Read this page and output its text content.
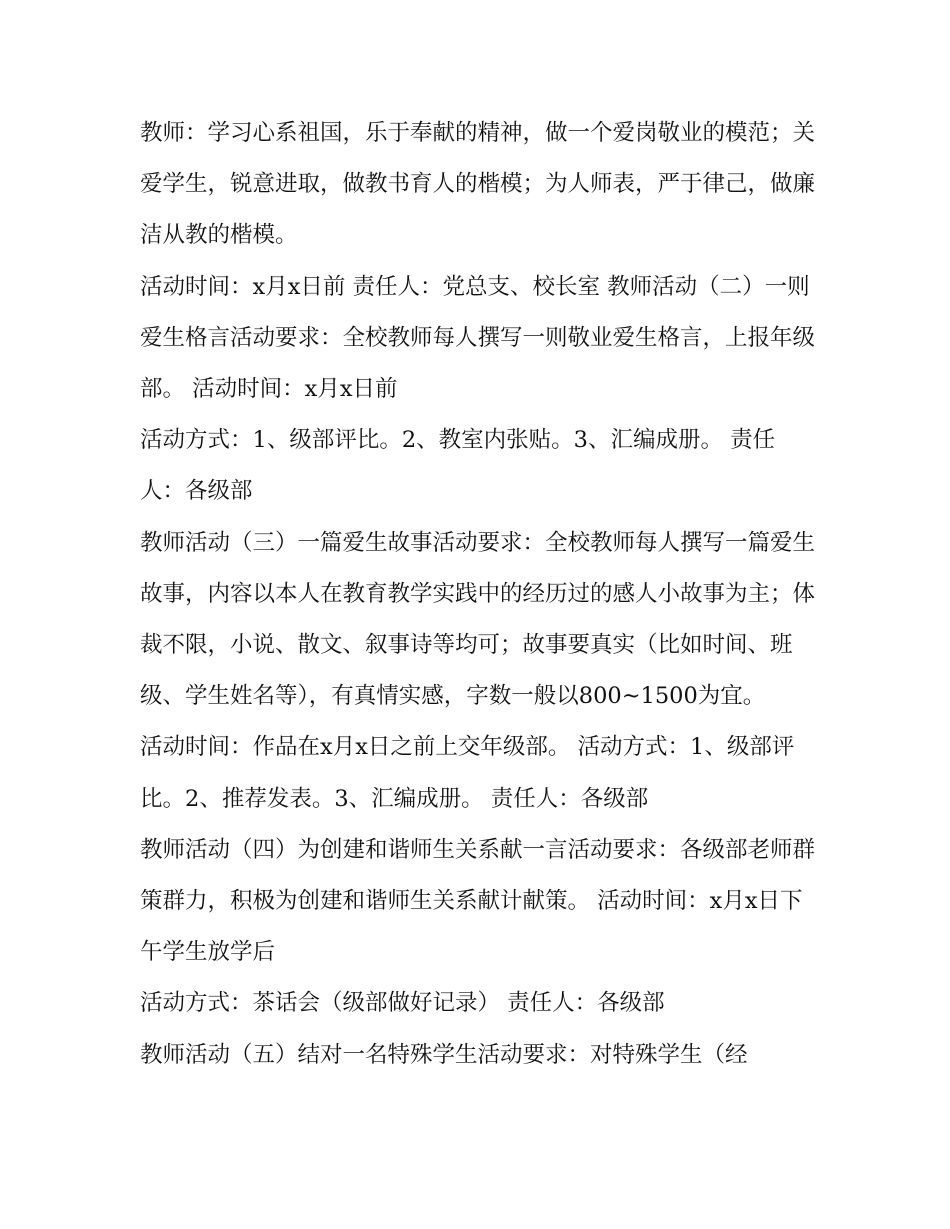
教师：学习心系祖国，乐于奉献的精神，做一个爱岗敬业的模范；关爱学生，锐意进取，做教书育人的楷模；为人师表，严于律己，做廉洁从教的楷模。

活动时间：x月x日前 责任人：党总支、校长室 教师活动（二）一则爱生格言活动要求：全校教师每人撰写一则敬业爱生格言，上报年级部。 活动时间：x月x日前

活动方式：1、级部评比。2、教室内张贴。3、汇编成册。 责任人：各级部

教师活动（三）一篇爱生故事活动要求：全校教师每人撰写一篇爱生故事，内容以本人在教育教学实践中的经历过的感人小故事为主；体裁不限，小说、散文、叙事诗等均可；故事要真实（比如时间、班级、学生姓名等），有真情实感，字数一般以800~1500为宜。

活动时间：作品在x月x日之前上交年级部。 活动方式：1、级部评比。2、推荐发表。3、汇编成册。 责任人：各级部

教师活动（四）为创建和谐师生关系献一言活动要求：各级部老师群策群力，积极为创建和谐师生关系献计献策。 活动时间：x月x日下午学生放学后

活动方式：茶话会（级部做好记录） 责任人：各级部

教师活动（五）结对一名特殊学生活动要求：对特殊学生（经
